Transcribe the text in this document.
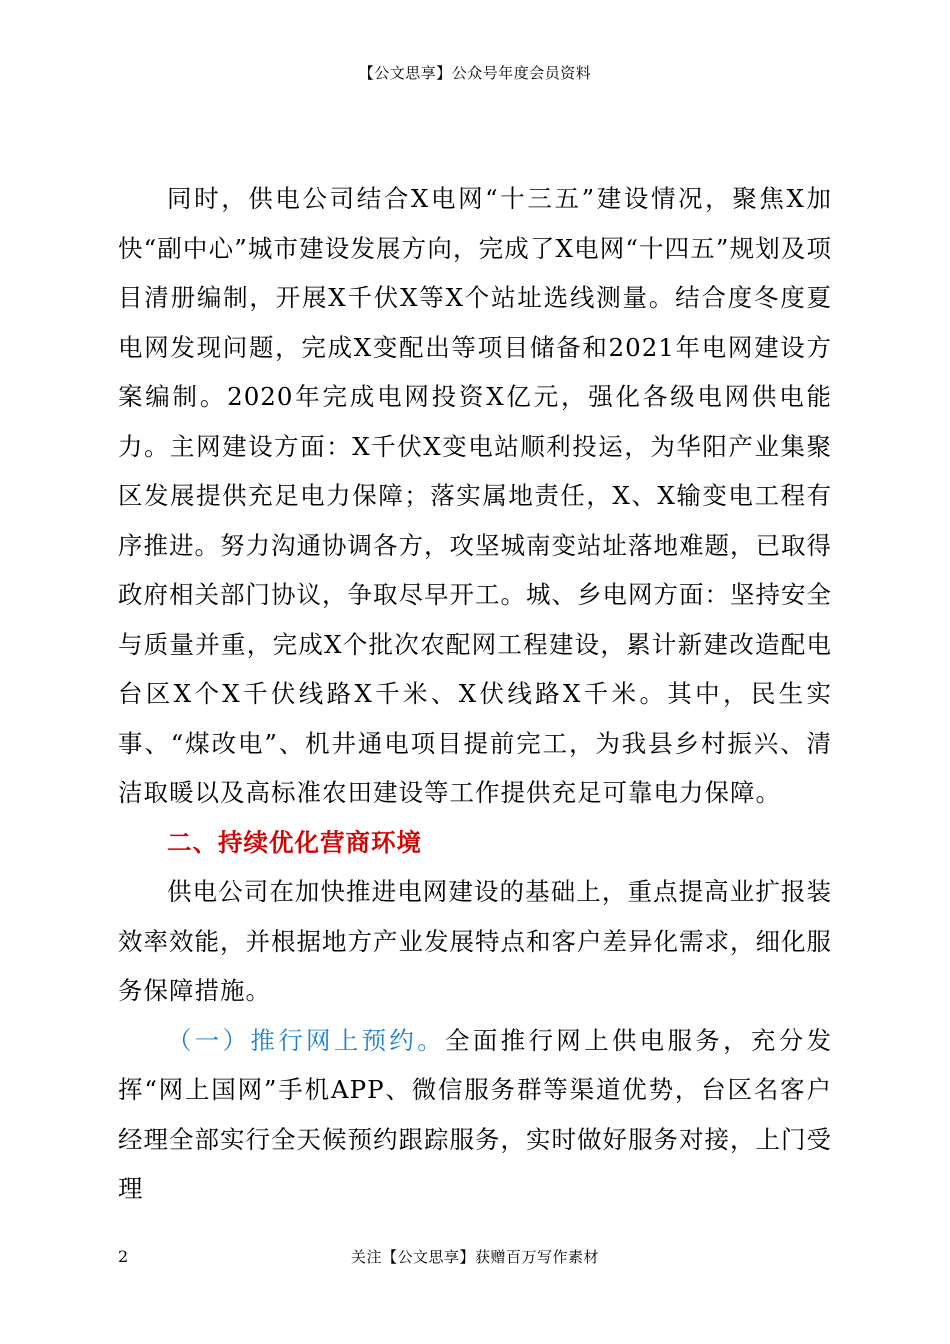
【公文思享】公众号年度会员资料

同时，供电公司结合X电网“十三五”建设情况，聚焦X加快“副中心”城市建设发展方向，完成了X电网“十四五”规划及项目清册编制，开展X千伏X等X个站址选线测量。结合度冬度夏电网发现问题，完成X变配出等项目储备和2021年电网建设方案编制。2020年完成电网投资X亿元，强化各级电网供电能力。主网建设方面：X千伏X变电站顺利投运，为华阳产业集聚区发展提供充足电力保障；落实属地责任，X、X输变电工程有序推进。努力沟通协调各方，攻坚城南变站址落地难题，已取得政府相关部门协议，争取尽早开工。城、乡电网方面：坚持安全与质量并重，完成X个批次农配网工程建设，累计新建改造配电台区X个X千伏线路X千米、X伏线路X千米。其中，民生实事、“煤改电”、机井通电项目提前完工，为我县乡村振兴、清洁取暖以及高标准农田建设等工作提供充足可靠电力保障。

二、持续优化营商环境

供电公司在加快推进电网建设的基础上，重点提高业扩报装效率效能，并根据地方产业发展特点和客户差异化需求，细化服务保障措施。

（一）推行网上预约。全面推行网上供电服务，充分发挥“网上国网”手机APP、微信服务群等渠道优势，台区名客户经理全部实行全天候预约跟踪服务，实时做好服务对接，上门受理

2	关注【公文思享】获赠百万写作素材
